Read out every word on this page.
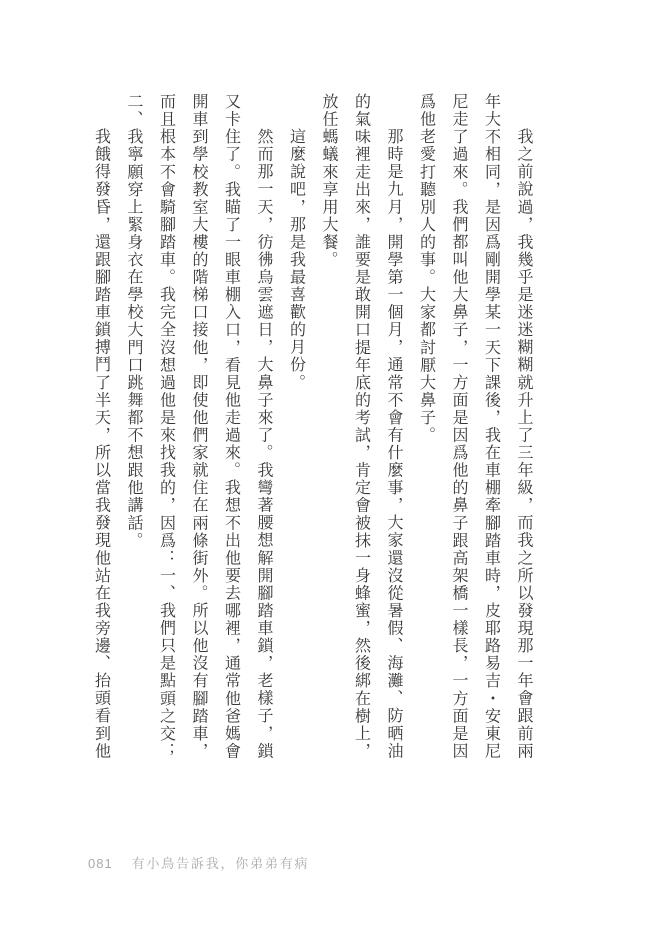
我之前說過，我幾乎是迷迷糊糊就升上了三年級，而我之所以發現那一年會跟前兩年大不相同，是因爲剛開學某一天下課後，我在車棚牽腳踏車時，皮耶路易吉・安東尼尼走了過來。我們都叫他大鼻子，一方面是因爲他的鼻子跟高架橋一樣長，一方面是因爲他老愛打聽別人的事。大家都討厭大鼻子。

那時是九月，開學第一個月，通常不會有什麼事，大家還沒從暑假、海灘、防晒油的氣味裡走出來，誰要是敢開口提年底的考試，肯定會被抹一身蜂蜜，然後綁在樹上，放任螞蟻來享用大餐。

這麼說吧，那是我最喜歡的月份。

然而那一天，彷彿烏雲遮日，大鼻子來了。我彎著腰想解開腳踏車鎖，老樣子，鎖又卡住了。我瞄了一眼車棚入口，看見他走過來。我想不出他要去哪裡，通常他爸媽會開車到學校教室大樓的階梯口接他，即使他們家就住在兩條街外。所以他沒有腳踏車，而且根本不會騎腳踏車。我完全沒想過他是來找我的，因爲：一、我們只是點頭之交；二、我寧願穿上緊身衣在學校大門口跳舞都不想跟他講話。

我餓得發昏，還跟腳踏車鎖搏鬥了半天，所以當我發現他站在我旁邊、抬頭看到他

081 有小鳥告訴我，你弟弟有病
